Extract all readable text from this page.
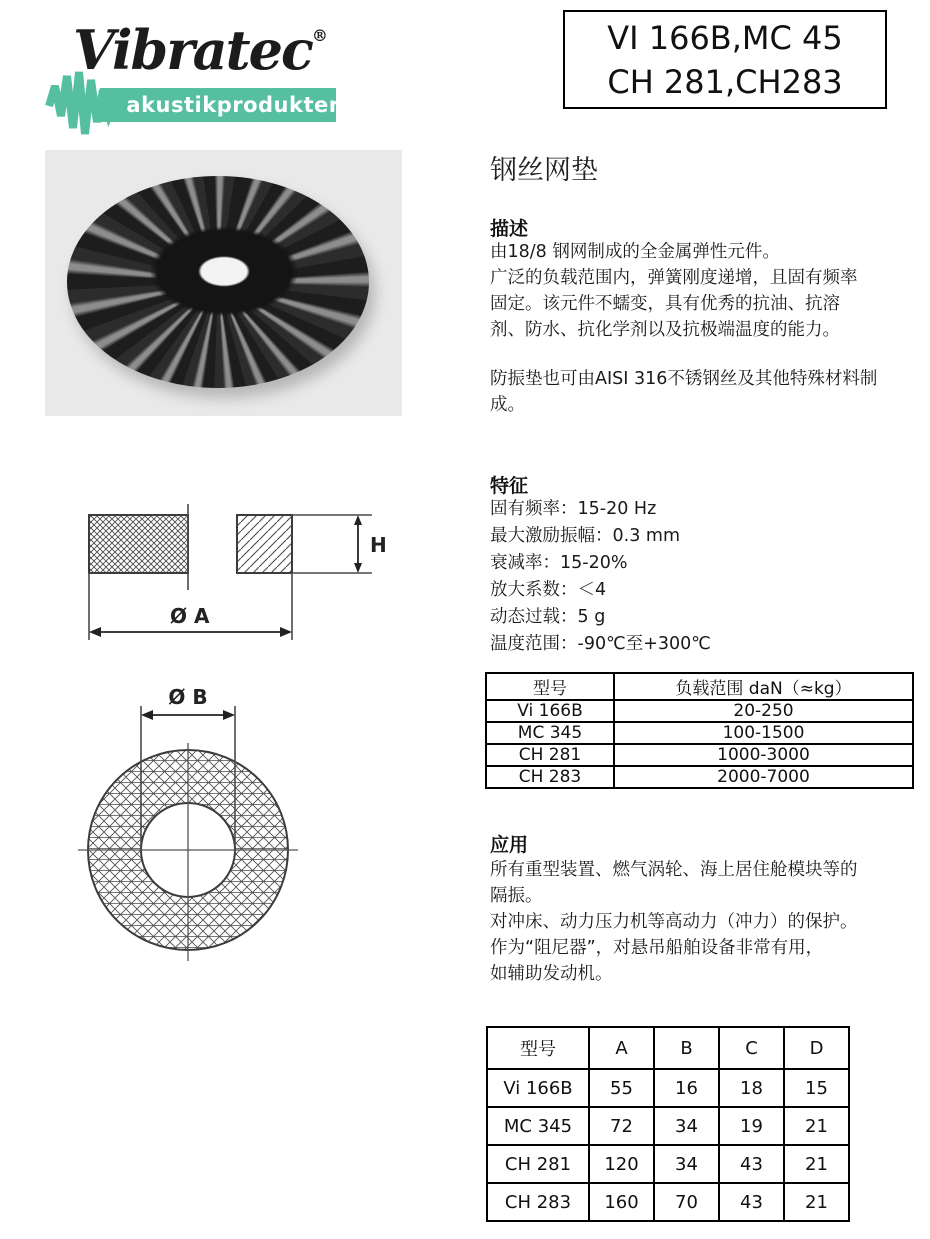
Vibratec®
akustikprodukter
VI 166B,MC 45
CH 281,CH283
钢丝网垫
描述
由18/8 钢网制成的全金属弹性元件。
广泛的负载范围内，弹簧刚度递增，且固有频率
固定。该元件不蠕变，具有优秀的抗油、抗溶
剂、防水、抗化学剂以及抗极端温度的能力。
防振垫也可由AISI 316不锈钢丝及其他特殊材料制
成。
特征
固有频率：15-20 Hz
最大激励振幅：0.3 mm
衰减率：15-20%
放大系数：＜4
动态过载：5 g
温度范围：-90℃至+300℃
型号	负载范围 daN（≈kg）
Vi 166B	20-250
MC 345	100-1500
CH 281	1000-3000
CH 283	2000-7000
应用
所有重型装置、燃气涡轮、海上居住舱模块等的
隔振。
对冲床、动力压力机等高动力（冲力）的保护。
作为“阻尼器”，对悬吊船舶设备非常有用，
如辅助发动机。
H
Ø A
Ø B
型号	A	B	C	D
Vi 166B	55	16	18	15
MC 345	72	34	19	21
CH 281	120	34	43	21
CH 283	160	70	43	21
